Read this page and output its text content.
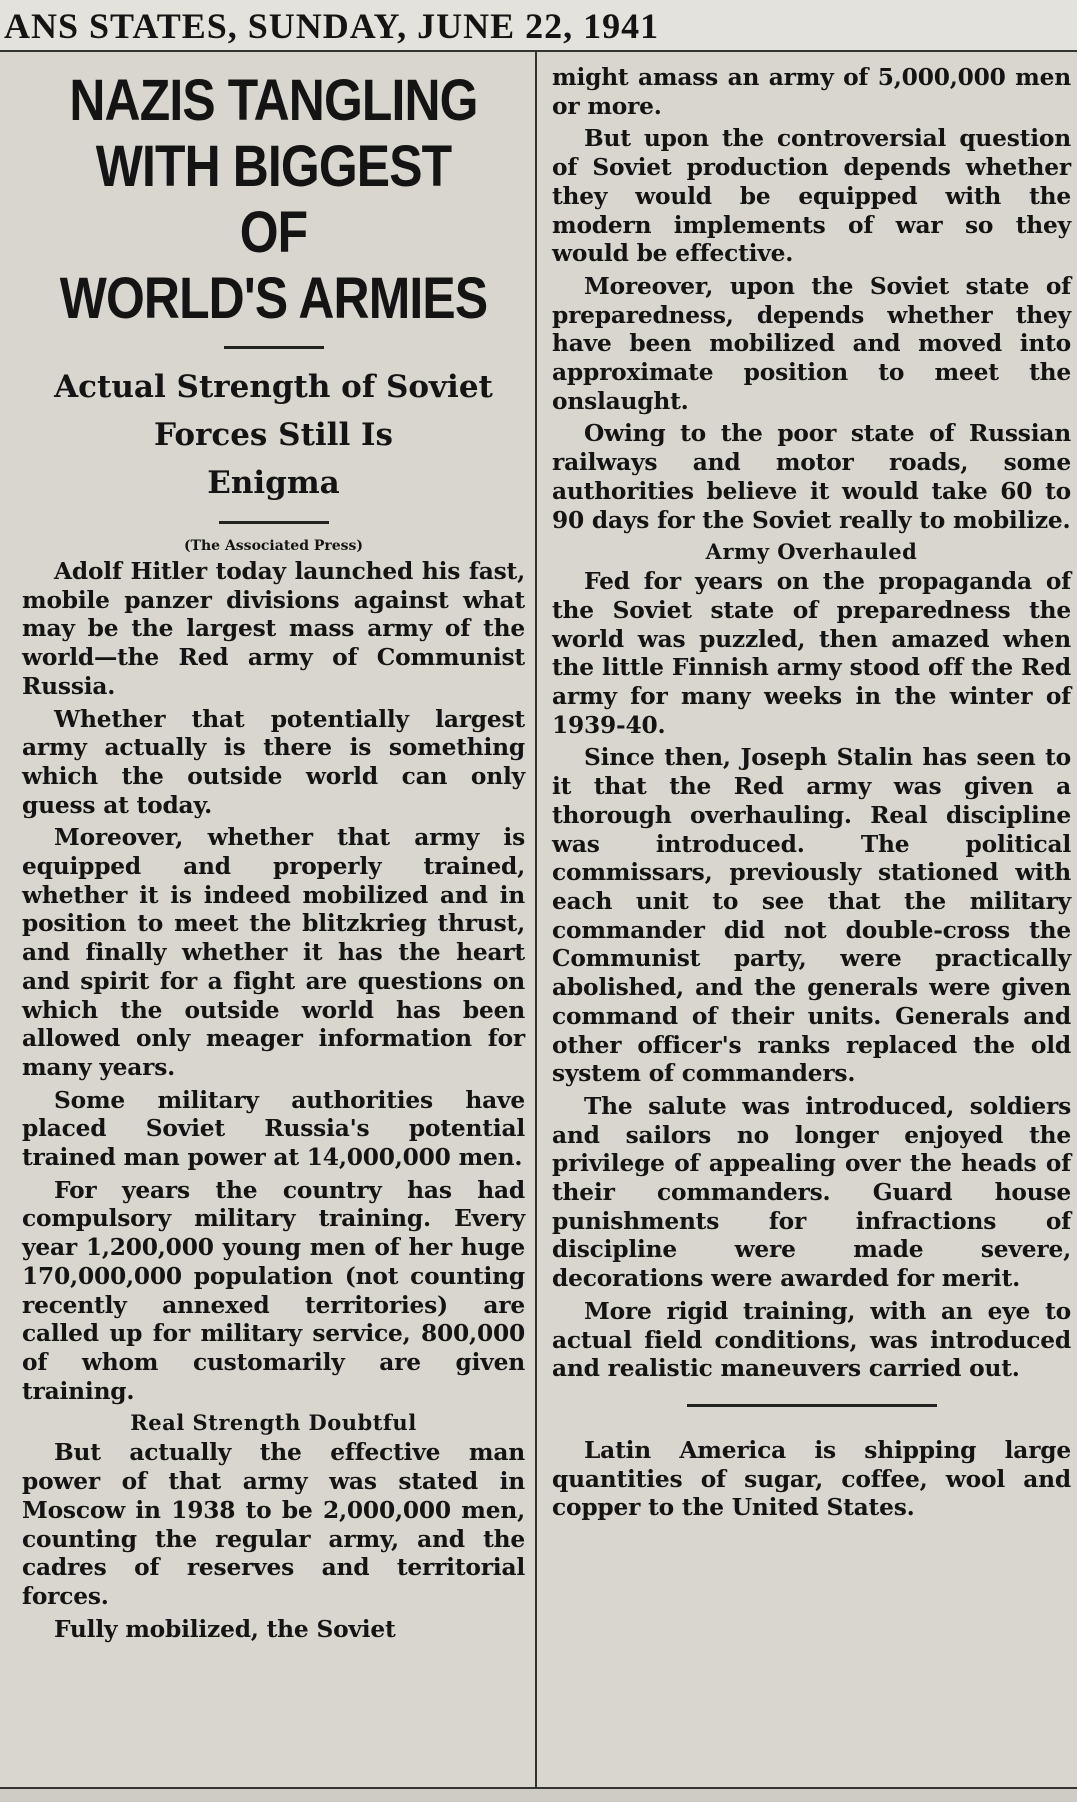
ANS STATES, SUNDAY, JUNE 22, 1941
NAZIS TANGLING
WITH BIGGEST OF
WORLD'S ARMIES
Actual Strength of Soviet
Forces Still Is
Enigma
(The Associated Press)

Adolf Hitler today launched his fast, mobile panzer divisions against what may be the largest mass army of the world—the Red army of Communist Russia.

Whether that potentially largest army actually is there is something which the outside world can only guess at today.

Moreover, whether that army is equipped and properly trained, whether it is indeed mobilized and in position to meet the blitzkrieg thrust, and finally whether it has the heart and spirit for a fight are questions on which the outside world has been allowed only meager information for many years.

Some military authorities have placed Soviet Russia's potential trained man power at 14,000,000 men.

For years the country has had compulsory military training. Every year 1,200,000 young men of her huge 170,000,000 population (not counting recently annexed territories) are called up for military service, 800,000 of whom customarily are given training.

Real Strength Doubtful

But actually the effective man power of that army was stated in Moscow in 1938 to be 2,000,000 men, counting the regular army, and the cadres of reserves and territorial forces.

Fully mobilized, the Soviet

might amass an army of 5,000,000 men or more.

But upon the controversial question of Soviet production depends whether they would be equipped with the modern implements of war so they would be effective.

Moreover, upon the Soviet state of preparedness, depends whether they have been mobilized and moved into approximate position to meet the onslaught.

Owing to the poor state of Russian railways and motor roads, some authorities believe it would take 60 to 90 days for the Soviet really to mobilize.

Army Overhauled

Fed for years on the propaganda of the Soviet state of preparedness the world was puzzled, then amazed when the little Finnish army stood off the Red army for many weeks in the winter of 1939-40.

Since then, Joseph Stalin has seen to it that the Red army was given a thorough overhauling. Real discipline was introduced. The political commissars, previously stationed with each unit to see that the military commander did not double-cross the Communist party, were practically abolished, and the generals were given command of their units. Generals and other officer's ranks replaced the old system of commanders.

The salute was introduced, soldiers and sailors no longer enjoyed the privilege of appealing over the heads of their commanders. Guard house punishments for infractions of discipline were made severe, decorations were awarded for merit.

More rigid training, with an eye to actual field conditions, was introduced and realistic maneuvers carried out.

Latin America is shipping large quantities of sugar, coffee, wool and copper to the United States.
